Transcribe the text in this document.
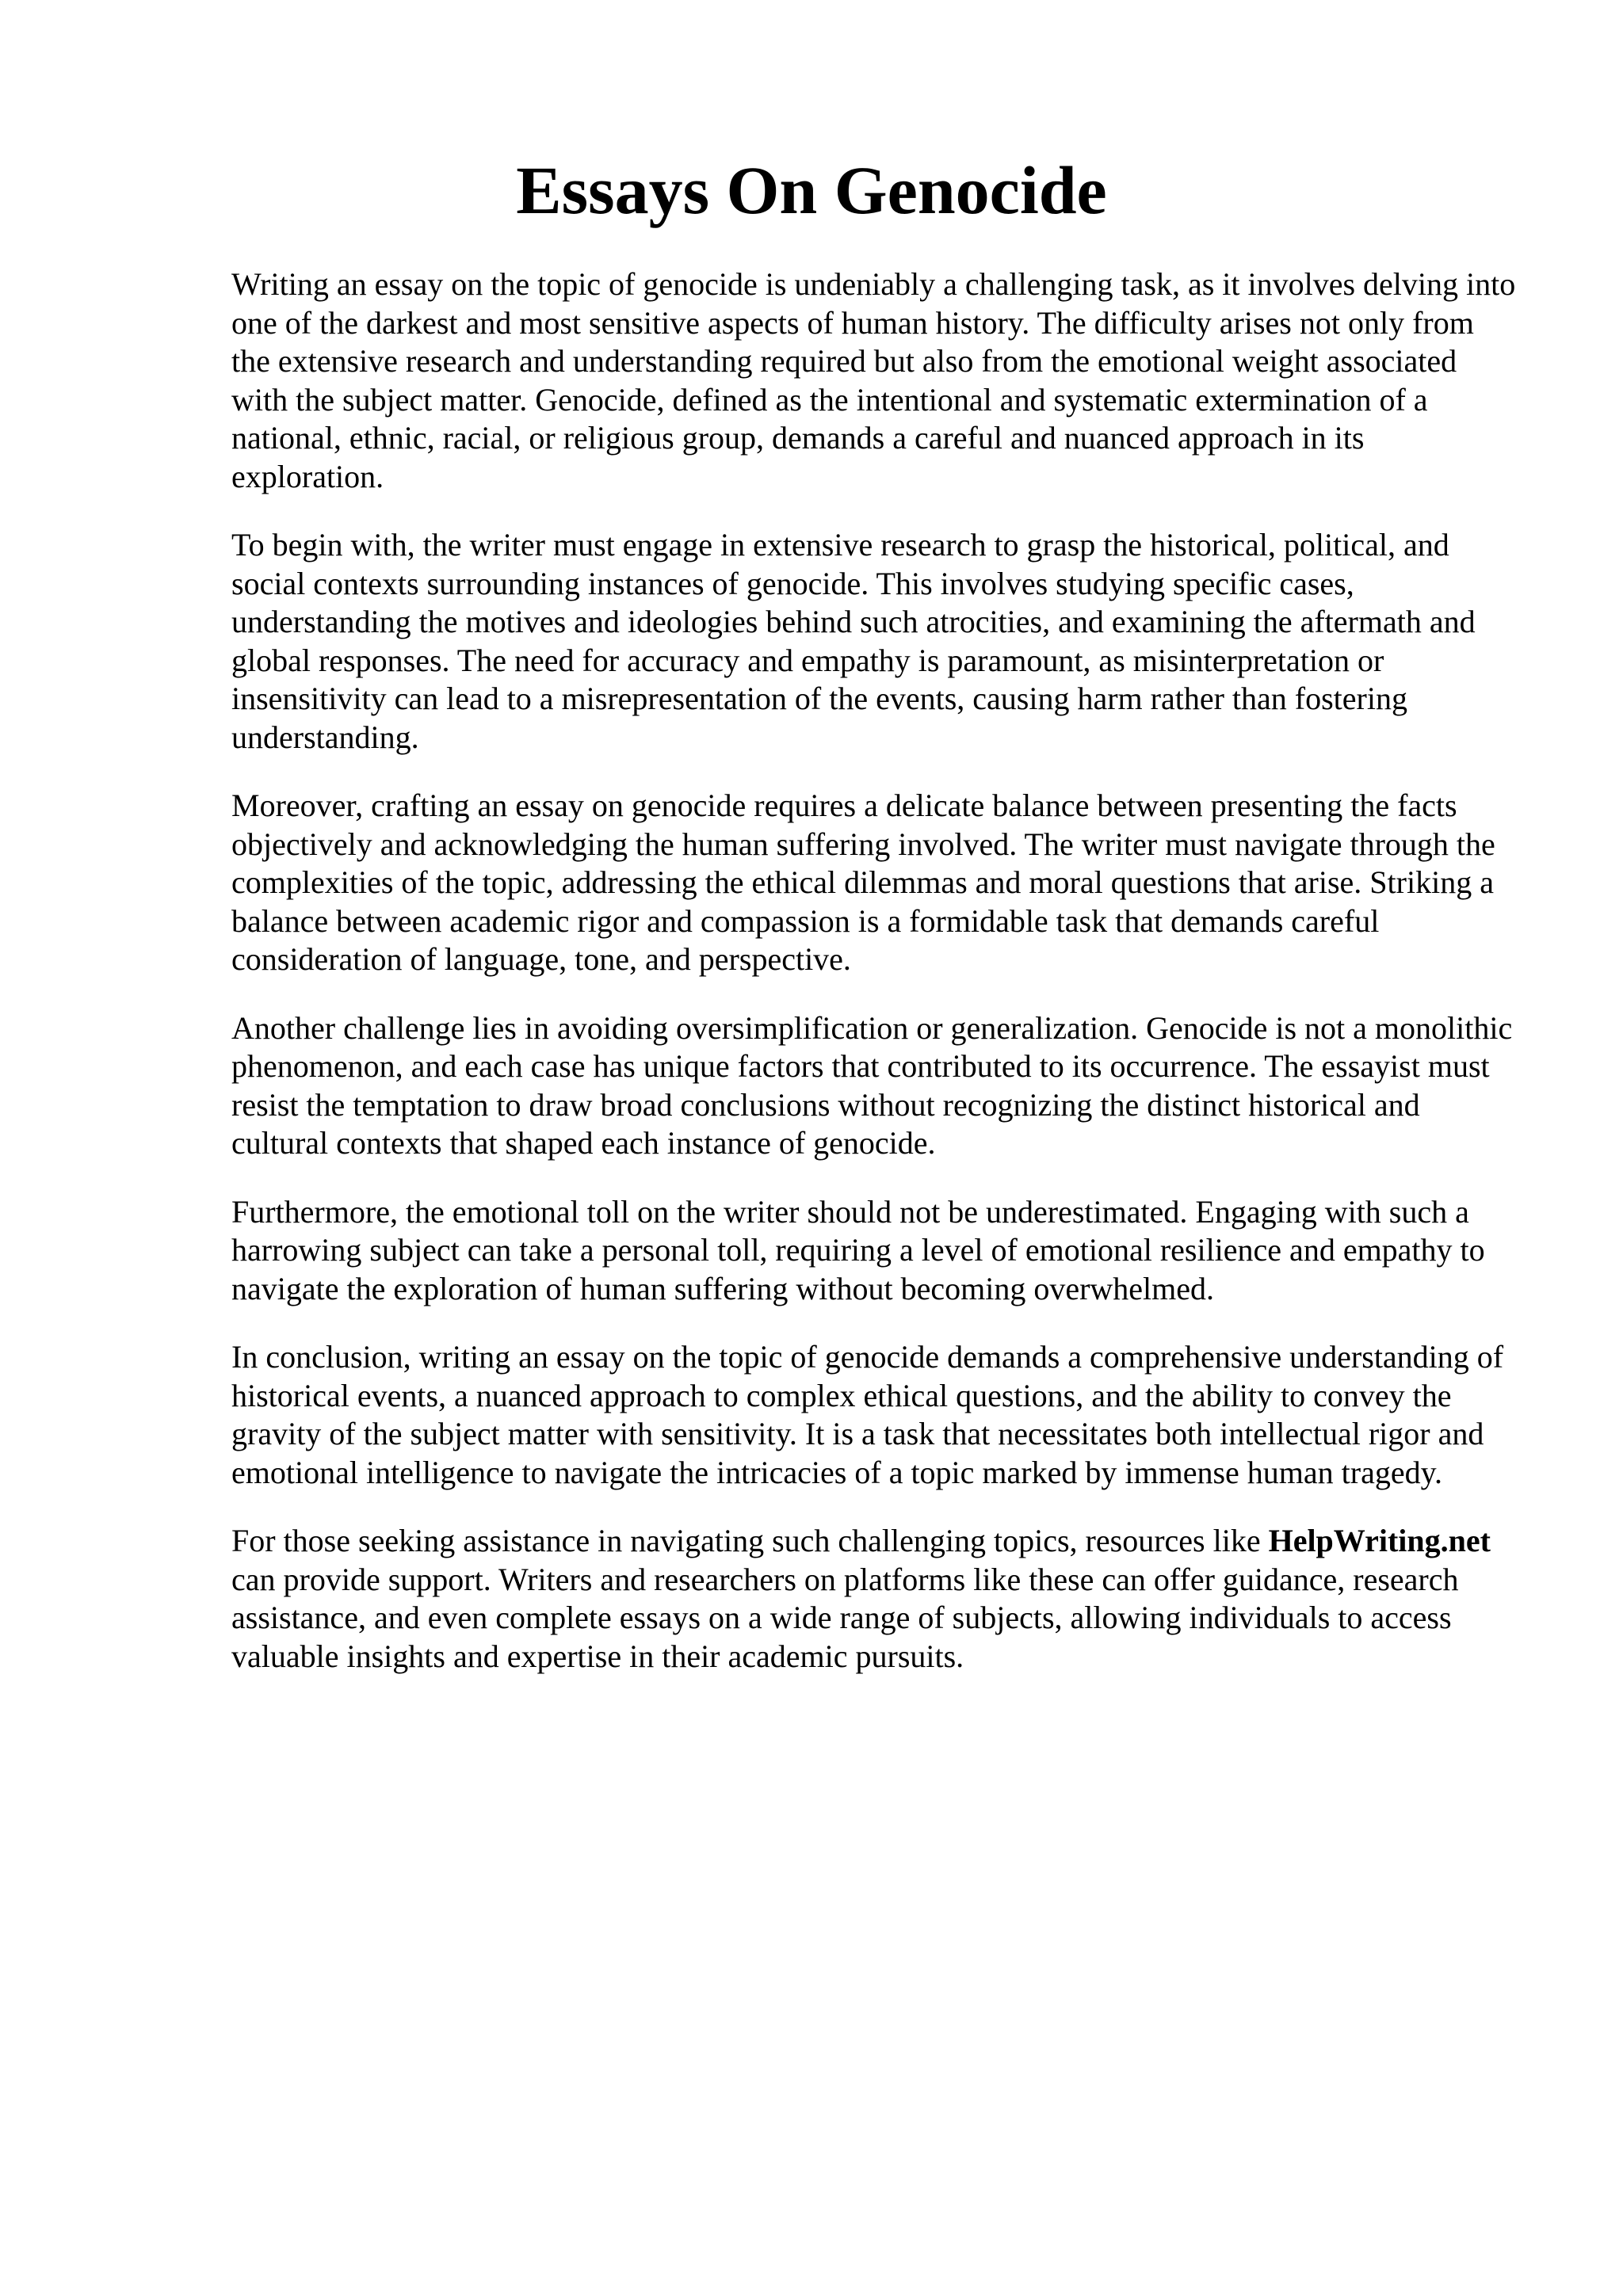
Essays On Genocide

Writing an essay on the topic of genocide is undeniably a challenging task, as it involves delving into one of the darkest and most sensitive aspects of human history. The difficulty arises not only from the extensive research and understanding required but also from the emotional weight associated with the subject matter. Genocide, defined as the intentional and systematic extermination of a national, ethnic, racial, or religious group, demands a careful and nuanced approach in its exploration.

To begin with, the writer must engage in extensive research to grasp the historical, political, and social contexts surrounding instances of genocide. This involves studying specific cases, understanding the motives and ideologies behind such atrocities, and examining the aftermath and global responses. The need for accuracy and empathy is paramount, as misinterpretation or insensitivity can lead to a misrepresentation of the events, causing harm rather than fostering understanding.

Moreover, crafting an essay on genocide requires a delicate balance between presenting the facts objectively and acknowledging the human suffering involved. The writer must navigate through the complexities of the topic, addressing the ethical dilemmas and moral questions that arise. Striking a balance between academic rigor and compassion is a formidable task that demands careful consideration of language, tone, and perspective.

Another challenge lies in avoiding oversimplification or generalization. Genocide is not a monolithic phenomenon, and each case has unique factors that contributed to its occurrence. The essayist must resist the temptation to draw broad conclusions without recognizing the distinct historical and cultural contexts that shaped each instance of genocide.

Furthermore, the emotional toll on the writer should not be underestimated. Engaging with such a harrowing subject can take a personal toll, requiring a level of emotional resilience and empathy to navigate the exploration of human suffering without becoming overwhelmed.

In conclusion, writing an essay on the topic of genocide demands a comprehensive understanding of historical events, a nuanced approach to complex ethical questions, and the ability to convey the gravity of the subject matter with sensitivity. It is a task that necessitates both intellectual rigor and emotional intelligence to navigate the intricacies of a topic marked by immense human tragedy.

For those seeking assistance in navigating such challenging topics, resources like HelpWriting.net can provide support. Writers and researchers on platforms like these can offer guidance, research assistance, and even complete essays on a wide range of subjects, allowing individuals to access valuable insights and expertise in their academic pursuits.
